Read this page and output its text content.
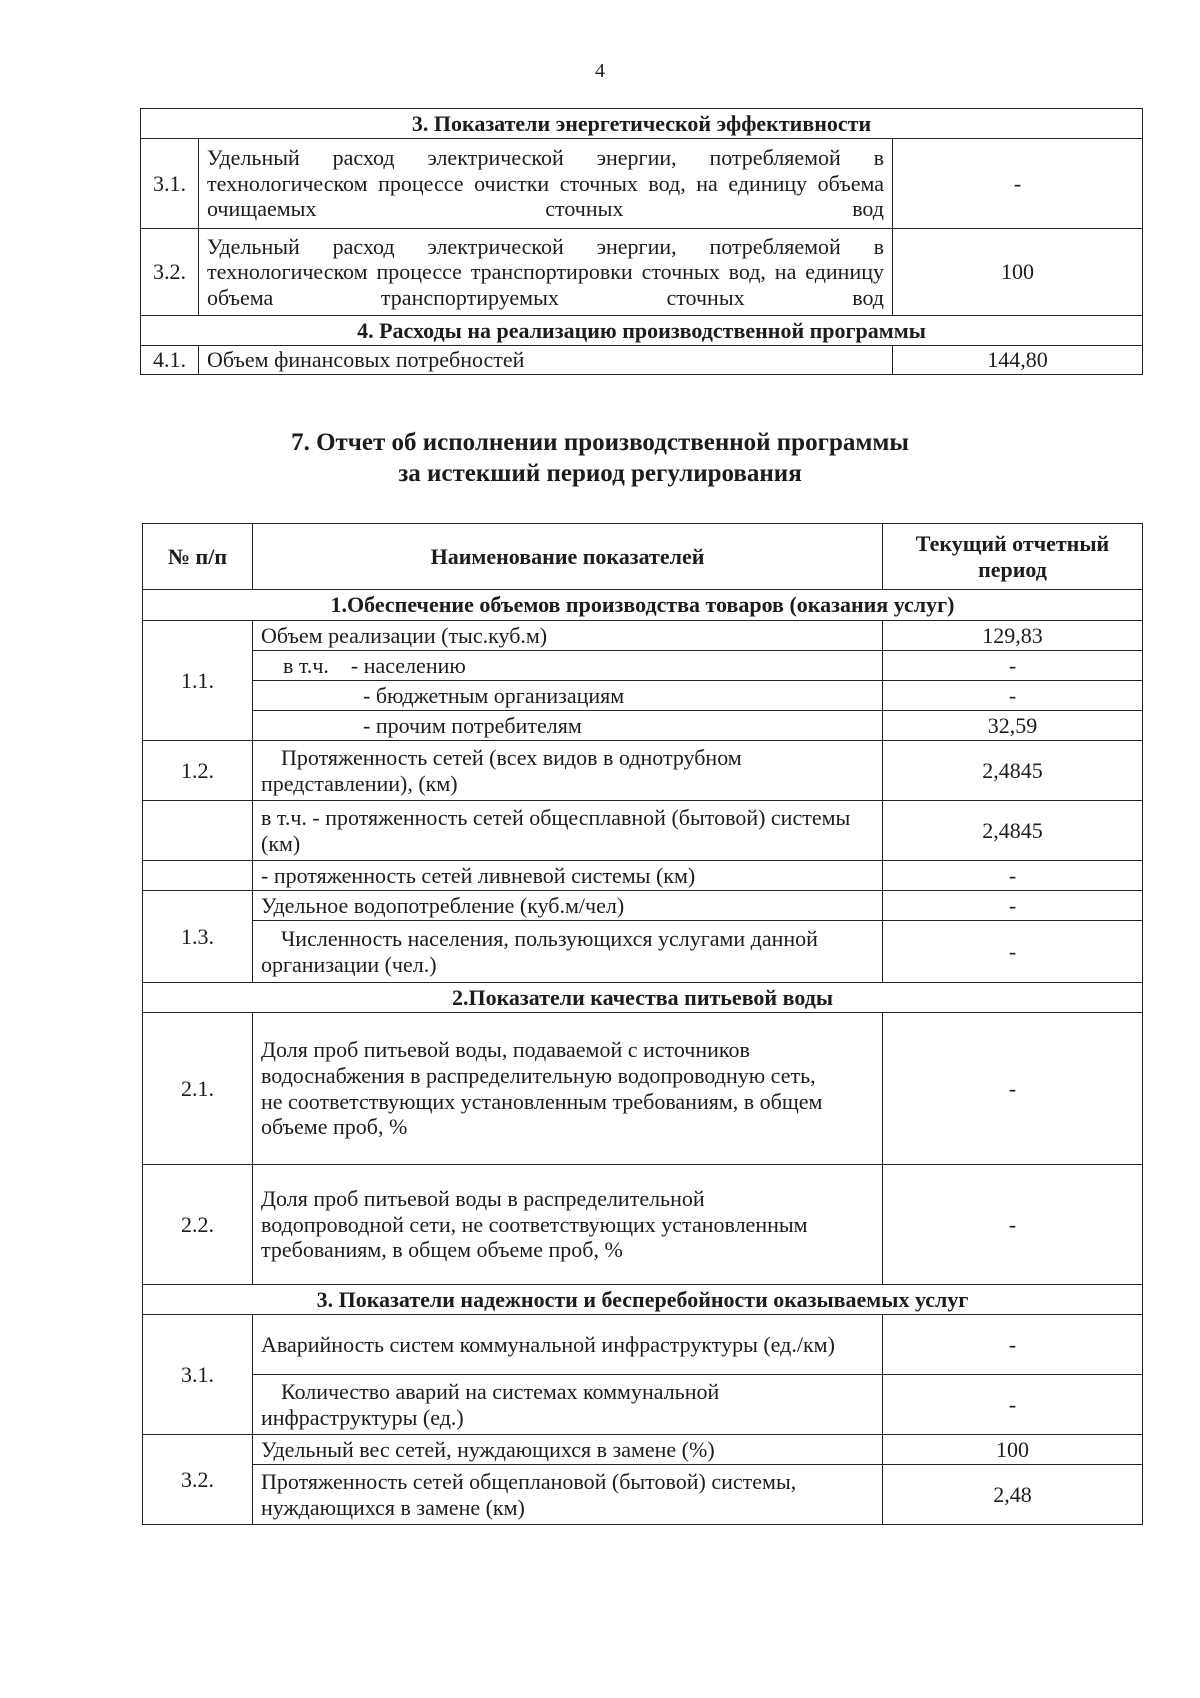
4
3. Показатели энергетической эффективности		
3.1.	Удельный расход электрической энергии, потребляемой в технологическом процессе очистки сточных вод, на единицу объема очищаемых сточных вод	-
3.2.	Удельный расход электрической энергии, потребляемой в технологическом процессе транспортировки сточных вод, на единицу объема транспортируемых сточных вод	100
4. Расходы на реализацию производственной программы		
4.1.	Объем финансовых потребностей	144,80
7. Отчет об исполнении производственной программы
за истекший период регулирования
№ п/п	Наименование показателей	Текущий отчетный период
1.Обеспечение объемов производства товаров (оказания услуг)		
1.1.	Объем реализации (тыс.куб.м)	129,83
	в т.ч.    - населению	-
	- бюджетным организациям	-
	- прочим потребителям	32,59
1.2.	Протяженность сетей (всех видов в однотрубном представлении), (км)	2,4845
	в т.ч. - протяженность сетей общесплавной (бытовой) системы (км)	2,4845
	- протяженность сетей ливневой системы (км)	-
1.3.	Удельное водопотребление (куб.м/чел)	-
	Численность населения, пользующихся услугами данной организации (чел.)	-
2.Показатели качества питьевой воды		
2.1.	Доля проб питьевой воды, подаваемой с источников водоснабжения в распределительную водопроводную сеть, не соответствующих установленным требованиям, в общем объеме проб, %	-
2.2.	Доля проб питьевой воды в распределительной водопроводной сети, не соответствующих установленным требованиям, в общем объеме проб, %	-
3. Показатели надежности и бесперебойности оказываемых услуг		
3.1.	Аварийность систем коммунальной инфраструктуры (ед./км)	-
	Количество аварий на системах коммунальной инфраструктуры (ед.)	-
3.2.	Удельный вес сетей, нуждающихся в замене (%)	100
	Протяженность сетей общеплановой (бытовой) системы, нуждающихся в замене (км)	2,48
